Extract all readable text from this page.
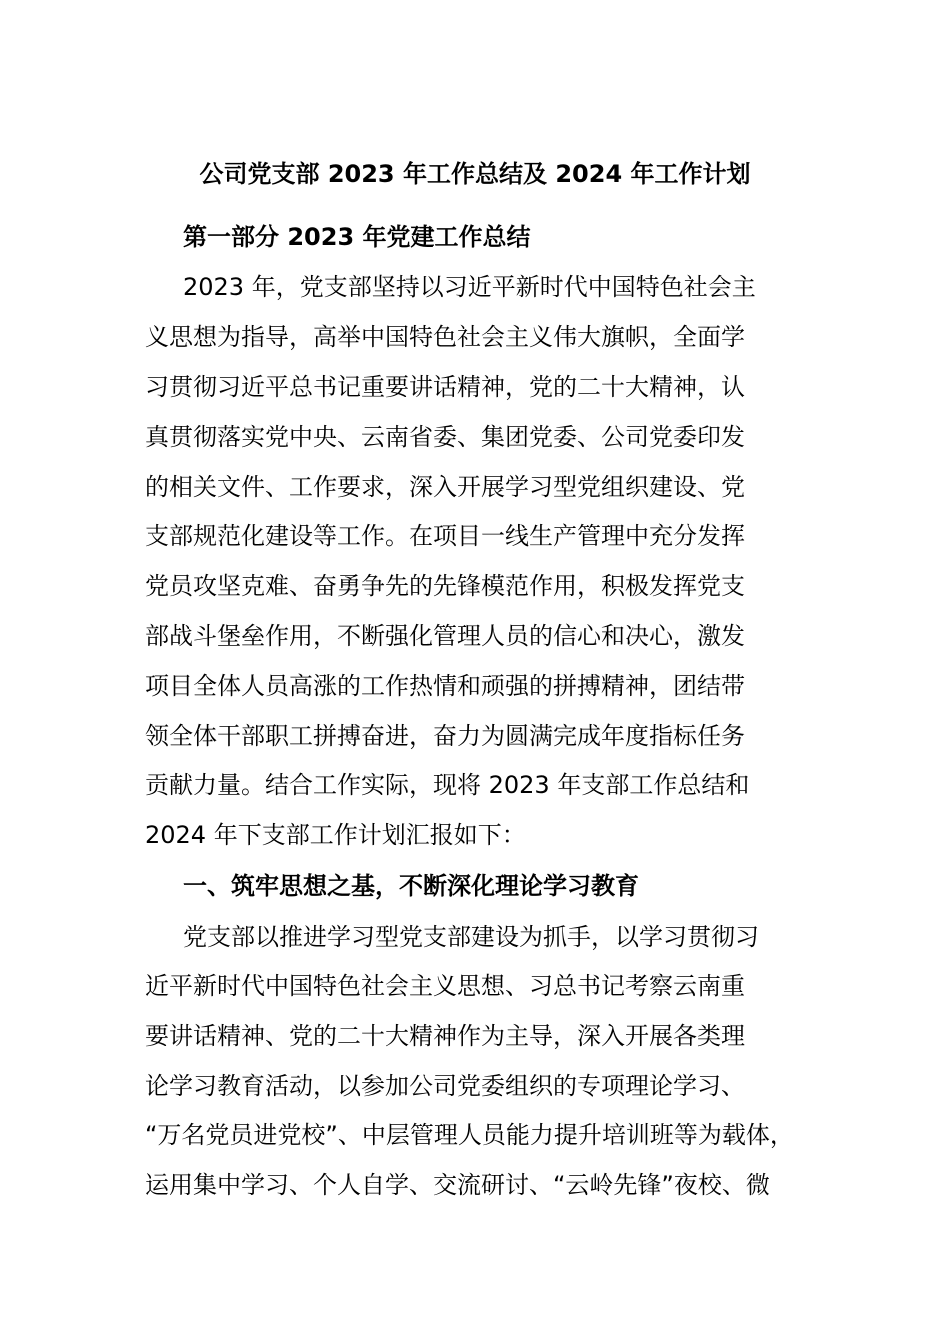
公司党支部 2023 年工作总结及 2024 年工作计划
第一部分 2023 年党建工作总结
2023 年，党支部坚持以习近平新时代中国特色社会主
义思想为指导，高举中国特色社会主义伟大旗帜，全面学
习贯彻习近平总书记重要讲话精神，党的二十大精神，认
真贯彻落实党中央、云南省委、集团党委、公司党委印发
的相关文件、工作要求，深入开展学习型党组织建设、党
支部规范化建设等工作。在项目一线生产管理中充分发挥
党员攻坚克难、奋勇争先的先锋模范作用，积极发挥党支
部战斗堡垒作用，不断强化管理人员的信心和决心，激发
项目全体人员高涨的工作热情和顽强的拼搏精神，团结带
领全体干部职工拼搏奋进，奋力为圆满完成年度指标任务
贡献力量。结合工作实际，现将 2023 年支部工作总结和
2024 年下支部工作计划汇报如下：
一、筑牢思想之基，不断深化理论学习教育
党支部以推进学习型党支部建设为抓手，以学习贯彻习
近平新时代中国特色社会主义思想、习总书记考察云南重
要讲话精神、党的二十大精神作为主导，深入开展各类理
论学习教育活动，以参加公司党委组织的专项理论学习、
“万名党员进党校”、中层管理人员能力提升培训班等为载体，
运用集中学习、个人自学、交流研讨、“云岭先锋”夜校、微
